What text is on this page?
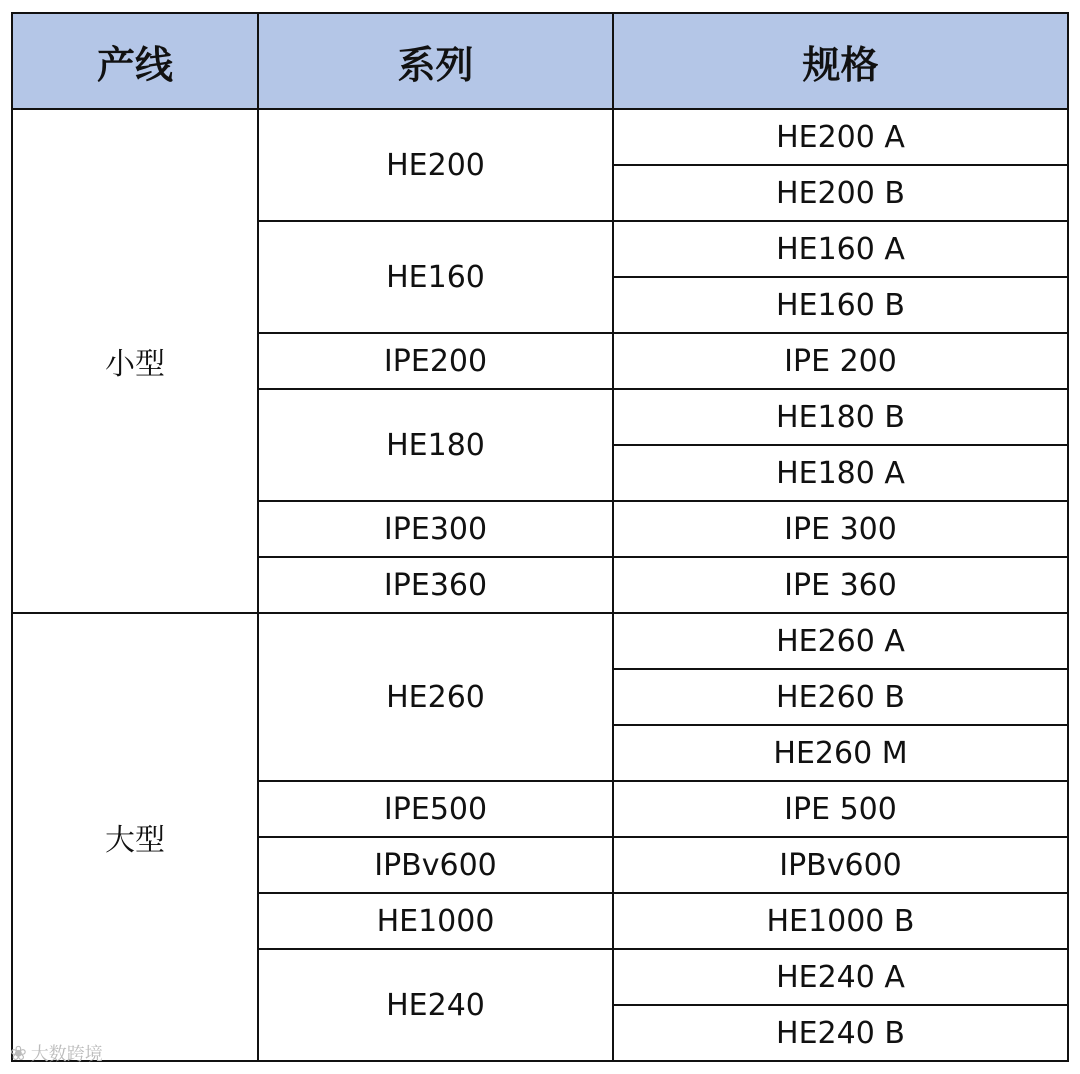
产线	系列	规格
小型	HE200	HE200 A
		HE200 B
	HE160	HE160 A
		HE160 B
	IPE200	IPE 200
	HE180	HE180 B
		HE180 A
	IPE300	IPE 300
	IPE360	IPE 360
大型	HE260	HE260 A
		HE260 B
		HE260 M
	IPE500	IPE 500
	IPBv600	IPBv600
	HE1000	HE1000 B
	HE240	HE240 A
		HE240 B
❀ 大数跨境
